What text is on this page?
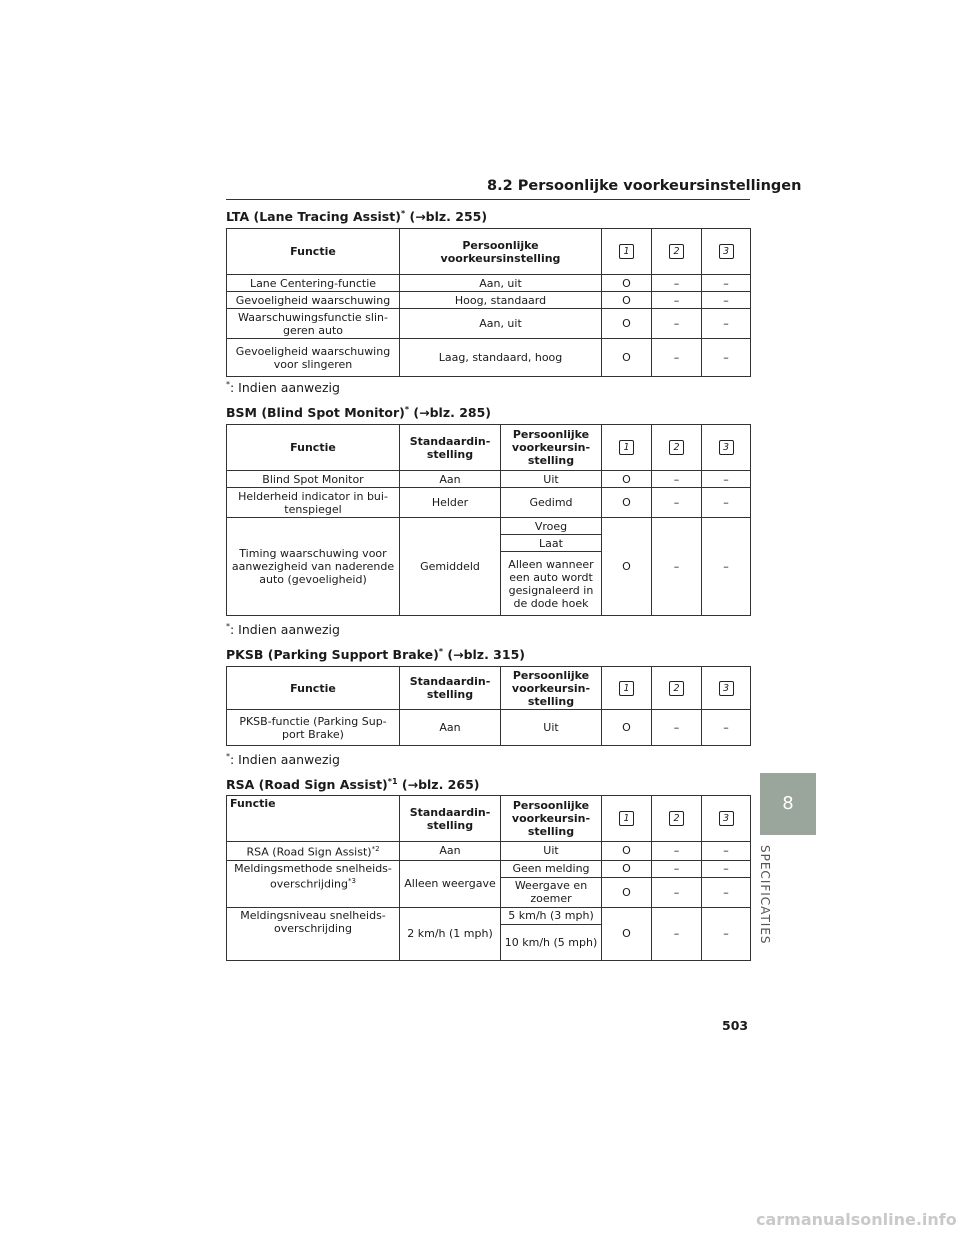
8.2 Persoonlijke voorkeursinstellingen
LTA (Lane Tracing Assist)* (→blz. 255)
Functie	Persoonlijke voorkeursinstelling	1	2	3
Lane Centering-functie	Aan, uit	O	–	–
Gevoeligheid waarschuwing	Hoog, standaard	O	–	–
Waarschuwingsfunctie slin-geren auto	Aan, uit	O	–	–
Gevoeligheid waarschuwing voor slingeren	Laag, standaard, hoog	O	–	–
*: Indien aanwezig
BSM (Blind Spot Monitor)* (→blz. 285)
Functie	Standaardin-stelling	Persoonlijke voorkeursin-stelling	1	2	3
Blind Spot Monitor	Aan	Uit	O	–	–
Helderheid indicator in bui-tenspiegel	Helder	Gedimd	O	–	–
Timing waarschuwing voor aanwezigheid van naderende auto (gevoeligheid)	Gemiddeld	Vroeg	O	–	–
		Laat			
		Alleen wanneer een auto wordt gesignaleerd in de dode hoek			
*: Indien aanwezig
PKSB (Parking Support Brake)* (→blz. 315)
Functie	Standaardin-stelling	Persoonlijke voorkeursin-stelling	1	2	3
PKSB-functie (Parking Sup-port Brake)	Aan	Uit	O	–	–
*: Indien aanwezig
RSA (Road Sign Assist)$^{*1}$ (→blz. 265)
Functie	Standaardin-stelling	Persoonlijke voorkeursin-stelling	1	2	3
RSA (Road Sign Assist)$^{*2}$	Aan	Uit	O	–	–
Meldingsmethode snelheids-overschrijding$^{*3}$	Alleen weergave	Geen melding	O	–	–
		Weergave en zoemer	O	–	–
Meldingsniveau snelheids-overschrijding	2 km/h (1 mph)	5 km/h (3 mph)	O	–	–
		10 km/h (5 mph)			
8
SPECIFICATIES
503
carmanualsonline.info
